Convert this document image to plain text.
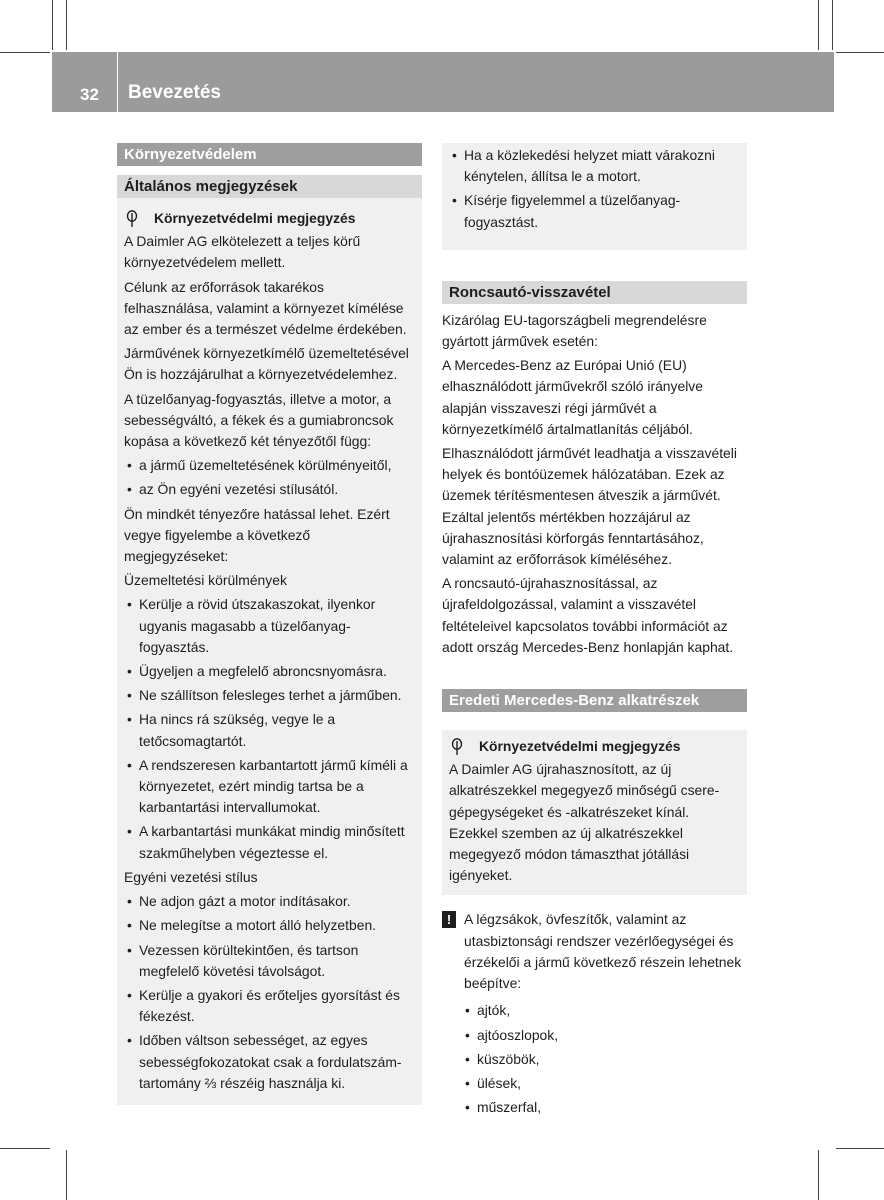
32 Bevezetés
Környezetvédelem
Általános megjegyzések
Környezetvédelmi megjegyzés

A Daimler AG elkötelezett a teljes körű környezetvédelem mellett.

Célunk az erőforrások takarékos felhasználása, valamint a környezet kímélése az ember és a természet védelme érdekében.

Járművének környezetkímélő üzemeltetésével Ön is hozzájárulhat a környezetvédelemhez.

A tüzelőanyag-fogyasztás, illetve a motor, a sebességváltó, a fékek és a gumiabroncsok kopása a következő két tényezőtől függ:

• a jármű üzemeltetésének körülményeitől,
• az Ön egyéni vezetési stílusától.

Ön mindkét tényezőre hatással lehet. Ezért vegye figyelembe a következő megjegyzéseket:

Üzemeltetési körülmények

• Kerülje a rövid útszakaszokat, ilyenkor ugyanis magasabb a tüzelőanyag-fogyasztás.
• Ügyeljen a megfelelő abroncsnyomásra.
• Ne szállítson felesleges terhet a járműben.
• Ha nincs rá szükség, vegye le a tetőcsomagtartót.
• A rendszeresen karbantartott jármű kíméli a környezetet, ezért mindig tartsa be a karbantartási intervallumokat.
• A karbantartási munkákat mindig minősített szakműhelyben végeztesse el.

Egyéni vezetési stílus

• Ne adjon gázt a motor indításakor.
• Ne melegítse a motort álló helyzetben.
• Vezessen körültekintően, és tartson megfelelő követési távolságot.
• Kerülje a gyakori és erőteljes gyorsítást és fékezést.
• Időben váltson sebességet, az egyes sebességfokozatokat csak a fordulatszám-tartomány ⅔ részéig használja ki.
• Ha a közlekedési helyzet miatt várakozni kénytelen, állítsa le a motort.
• Kísérje figyelemmel a tüzelőanyag-fogyasztást.
Roncsautó-visszavétel

Kizárólag EU-tagországbeli megrendelésre gyártott járművek esetén:

A Mercedes-Benz az Európai Unió (EU) elhasználódott járművekről szóló irányelve alapján visszaveszi régi járművét a környezetkímélő ártalmatlanítás céljából.

Elhasználódott járművét leadhatja a visszavételi helyek és bontóüzemek hálózatában. Ezek az üzemek térítésmentesen átveszik a járművét. Ezáltal jelentős mértékben hozzájárul az újrahasznosítási körforgás fenntartásához, valamint az erőforrások kíméléséhez.

A roncsautó-újrahasznosítással, az újrafeldolgozással, valamint a visszavétel feltételeivel kapcsolatos további információt az adott ország Mercedes-Benz honlapján kaphat.

Eredeti Mercedes-Benz alkatrészek
Környezetvédelmi megjegyzés

A Daimler AG újrahasznosított, az új alkatrészekkel megegyező minőségű csere-gépegységeket és -alkatrészeket kínál. Ezekkel szemben az új alkatrészekkel megegyező módon támaszthat jótállási igényeket.

! A légzsákok, övfeszítők, valamint az utasbiztonsági rendszer vezérlőegységei és érzékelői a jármű következő részein lehetnek beépítve:

• ajtók,
• ajtóoszlopok,
• küszöbök,
• ülések,
• műszerfal,
